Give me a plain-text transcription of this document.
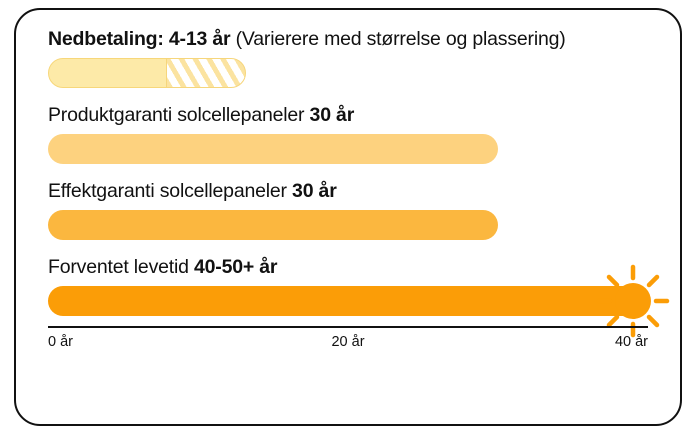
Nedbetaling: 4-13 år (Varierere med størrelse og plassering)
Produktgaranti solcellepaneler 30 år
Effektgaranti solcellepaneler 30 år
Forventet levetid 40-50+ år
0 år	20 år	40 år
